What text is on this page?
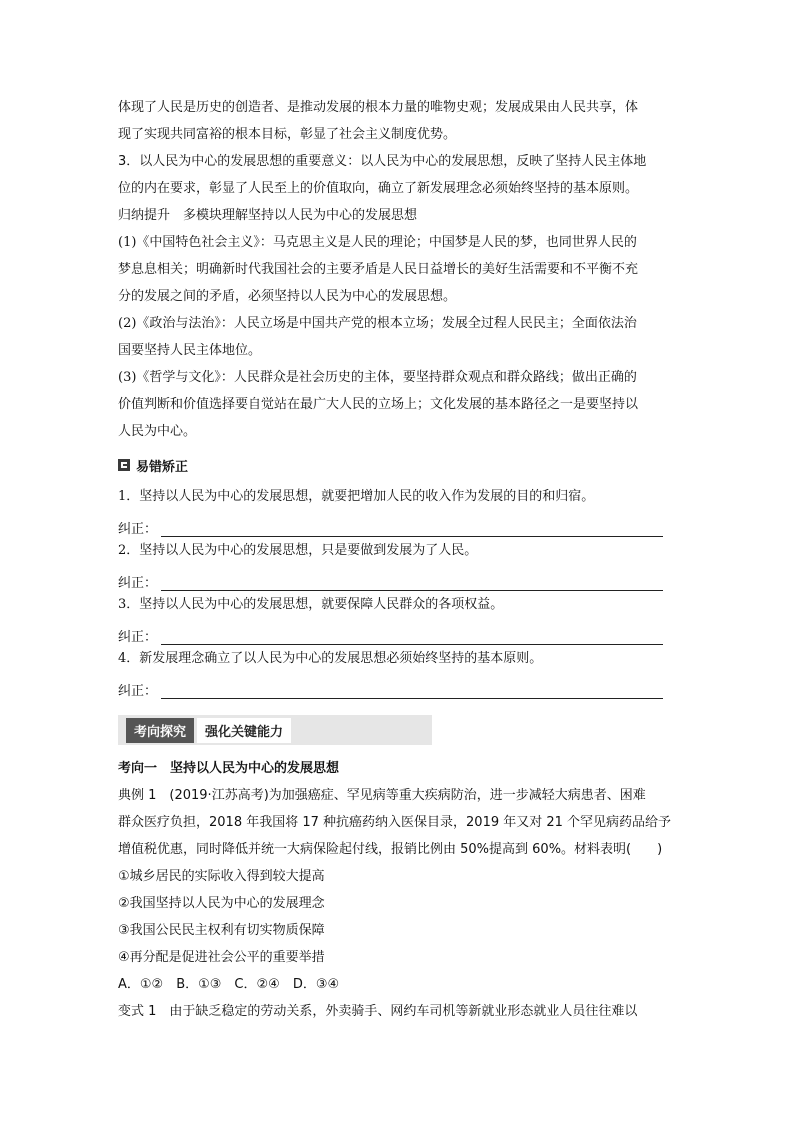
体现了人民是历史的创造者、是推动发展的根本力量的唯物史观；发展成果由人民共享，体

现了实现共同富裕的根本目标，彰显了社会主义制度优势。

3．以人民为中心的发展思想的重要意义：以人民为中心的发展思想，反映了坚持人民主体地

位的内在要求，彰显了人民至上的价值取向，确立了新发展理念必须始终坚持的基本原则。

归纳提升　多模块理解坚持以人民为中心的发展思想

(1)《中国特色社会主义》：马克思主义是人民的理论；中国梦是人民的梦，也同世界人民的

梦息息相关；明确新时代我国社会的主要矛盾是人民日益增长的美好生活需要和不平衡不充

分的发展之间的矛盾，必须坚持以人民为中心的发展思想。

(2)《政治与法治》：人民立场是中国共产党的根本立场；发展全过程人民民主；全面依法治

国要坚持人民主体地位。

(3)《哲学与文化》：人民群众是社会历史的主体，要坚持群众观点和群众路线；做出正确的

价值判断和价值选择要自觉站在最广大人民的立场上；文化发展的基本路径之一是要坚持以

人民为中心。

易错矫正

1．坚持以人民为中心的发展思想，就要把增加人民的收入作为发展的目的和归宿。

纠正：

2．坚持以人民为中心的发展思想，只是要做到发展为了人民。

纠正：

3．坚持以人民为中心的发展思想，就要保障人民群众的各项权益。

纠正：

4．新发展理念确立了以人民为中心的发展思想必须始终坚持的基本原则。

纠正：
考向探究	强化关键能力

考向一　坚持以人民为中心的发展思想

典例 1　(2019·江苏高考)为加强癌症、罕见病等重大疾病防治，进一步减轻大病患者、困难

群众医疗负担，2018 年我国将 17 种抗癌药纳入医保目录，2019 年又对 21 个罕见病药品给予

增值税优惠，同时降低并统一大病保险起付线，报销比例由 50%提高到 60%。材料表明(　　)

①城乡居民的实际收入得到较大提高

②我国坚持以人民为中心的发展理念

③我国公民民主权利有切实物质保障

④再分配是促进社会公平的重要举措

A．①②　B．①③　C．②④　D．③④

变式 1　由于缺乏稳定的劳动关系，外卖骑手、网约车司机等新就业形态就业人员往往难以
